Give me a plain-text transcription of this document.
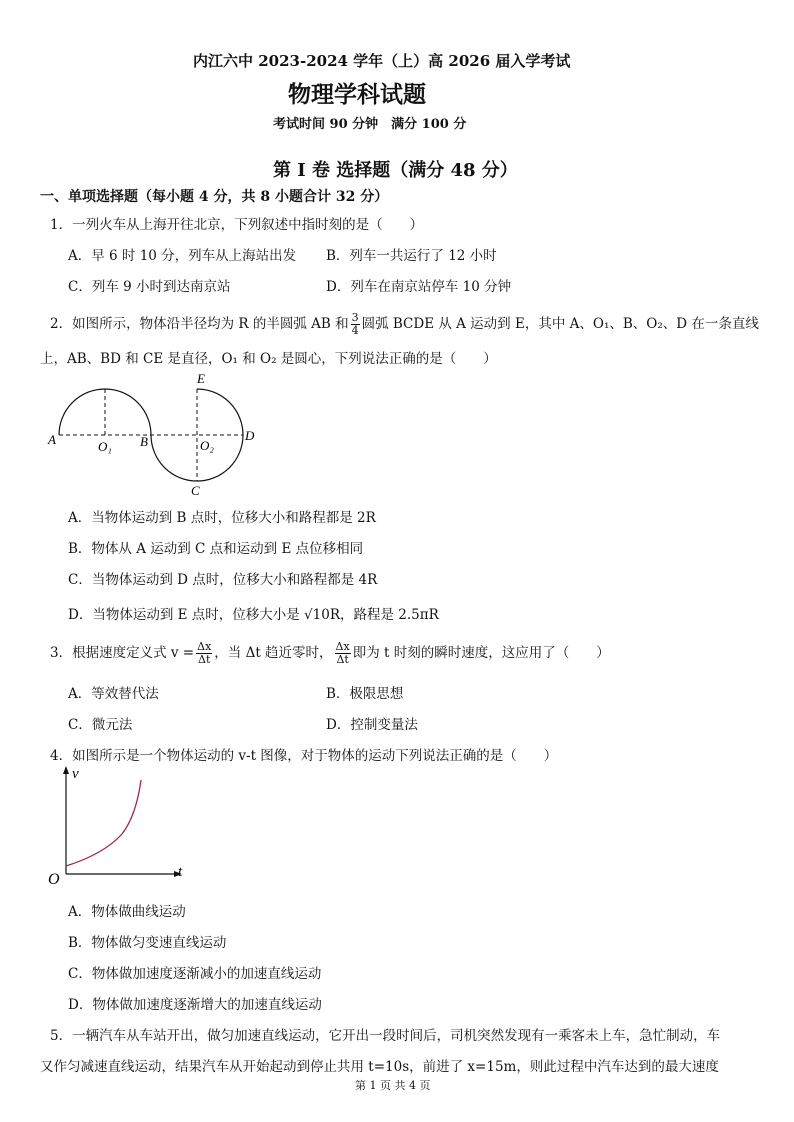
内江六中 2023-2024 学年（上）高 2026 届入学考试
物理学科试题
考试时间 90 分钟　满分 100 分
第 I 卷 选择题（满分 48 分）
一、单项选择题（每小题 4 分，共 8 小题合计 32 分）
1．一列火车从上海开往北京，下列叙述中指时刻的是（　　）
A．早 6 时 10 分，列车从上海站出发 B．列车一共运行了 12 小时
C．列车 9 小时到达南京站	D．列车在南京站停车 10 分钟
2．如图所示，物体沿半径均为 R 的半圆弧 AB 和 $\frac{3}{4}$ 圆弧 BCDE 从 A 运动到 E，其中 A、O₁、B、O₂、D 在一条直线
上，AB、BD 和 CE 是直径，O₁ 和 O₂ 是圆心，下列说法正确的是（　　）
A	O₁ B	O₂
D
E
C
A．当物体运动到 B 点时，位移大小和路程都是 2R
B．物体从 A 运动到 C 点和运动到 E 点位移相同
C．当物体运动到 D 点时，位移大小和路程都是 4R
D．当物体运动到 E 点时，位移大小是 √10R，路程是 2.5πR
3．根据速度定义式 $v = \frac{\Delta x}{\Delta t}$ ，当 Δt 趋近零时， $\frac{\Delta x}{\Delta t}$ 即为 t 时刻的瞬时速度，这应用了（　　）
A．等效替代法	B．极限思想
C．微元法	D．控制变量法
4．如图所示是一个物体运动的 v-t 图像，对于物体的运动下列说法正确的是（　　）
v
t
O
A．物体做曲线运动
B．物体做匀变速直线运动
C．物体做加速度逐渐减小的加速直线运动
D．物体做加速度逐渐增大的加速直线运动
5．一辆汽车从车站开出，做匀加速直线运动，它开出一段时间后，司机突然发现有一乘客未上车，急忙制动，车
又作匀减速直线运动，结果汽车从开始起动到停止共用 t=10s，前进了 x=15m，则此过程中汽车达到的最大速度
第 1 页 共 4 页
